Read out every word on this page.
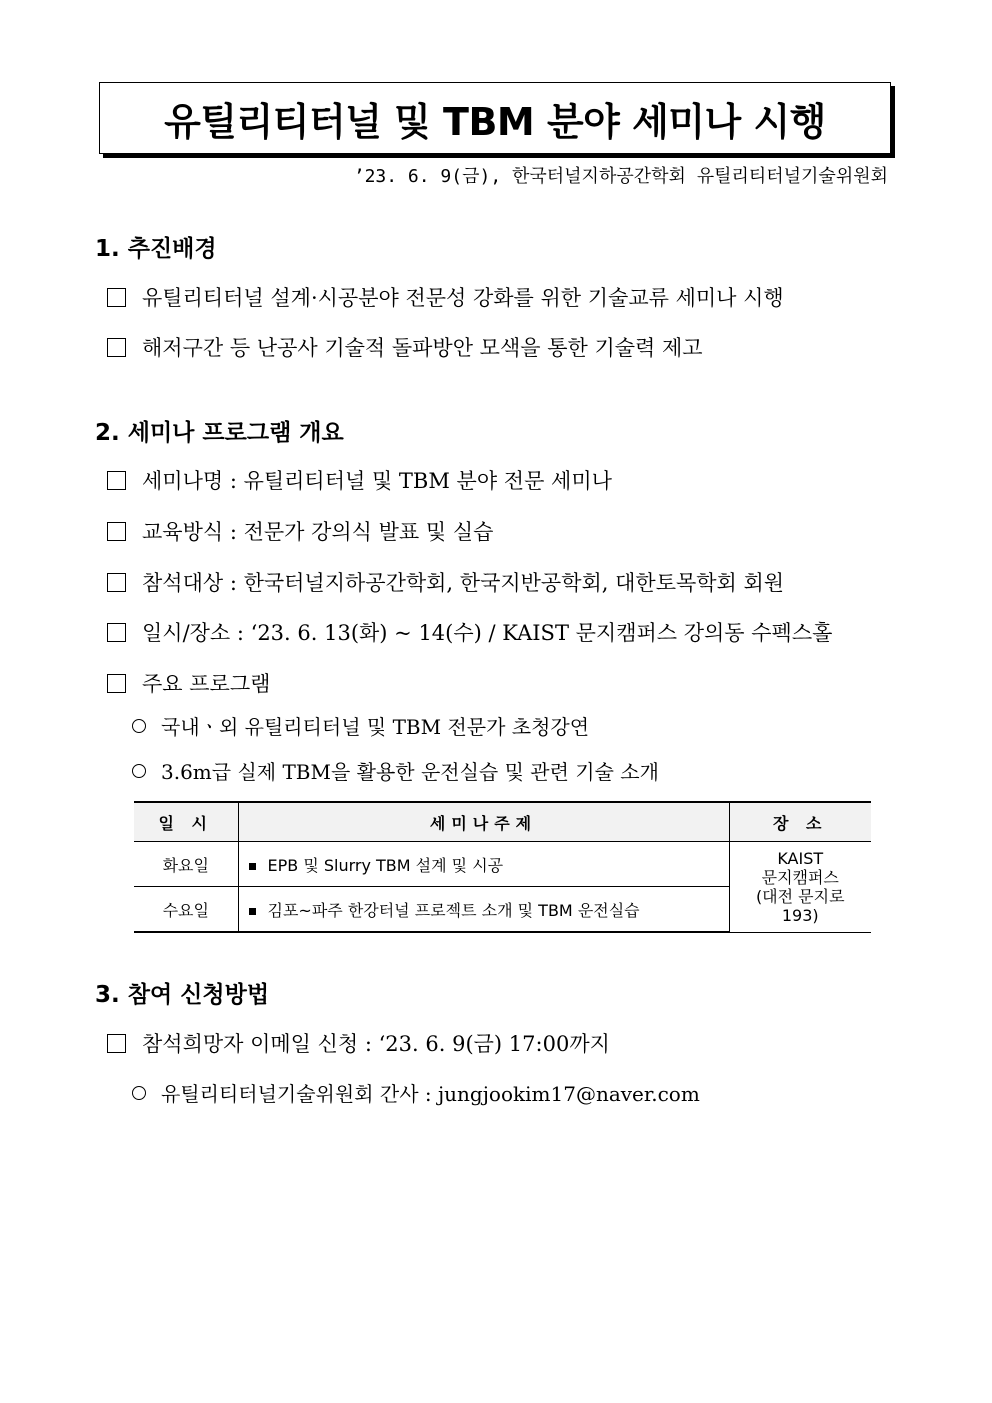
유틸리티터널 및 TBM 분야 세미나 시행
’23. 6. 9(금), 한국터널지하공간학회 유틸리티터널기술위원회
1. 추진배경
유틸리티터널 설계·시공분야 전문성 강화를 위한 기술교류 세미나 시행
해저구간 등 난공사 기술적 돌파방안 모색을 통한 기술력 제고
2. 세미나 프로그램 개요
세미나명 : 유틸리티터널 및 TBM 분야 전문 세미나
교육방식 : 전문가 강의식 발표 및 실습
참석대상 : 한국터널지하공간학회, 한국지반공학회, 대한토목학회 회원
일시/장소 : ‘23. 6. 13(화) ~ 14(수) / KAIST 문지캠퍼스 강의동 수펙스홀
주요 프로그램
국내ㆍ외 유틸리티터널 및 TBM 전문가 초청강연
3.6m급 실제 TBM을 활용한 운전실습 및 관련 기술 소개
일 시	세미나주제	장 소
화요일	EPB 및 Slurry TBM 설계 및 시공	KAIST
문지캠퍼스
(대전 문지로 193)

수요일	김포~파주 한강터널 프로젝트 소개 및 TBM 운전실습	
3. 참여 신청방법
참석희망자 이메일 신청 : ‘23. 6. 9(금) 17:00까지
유틸리티터널기술위원회 간사 : jungjookim17@naver.com
